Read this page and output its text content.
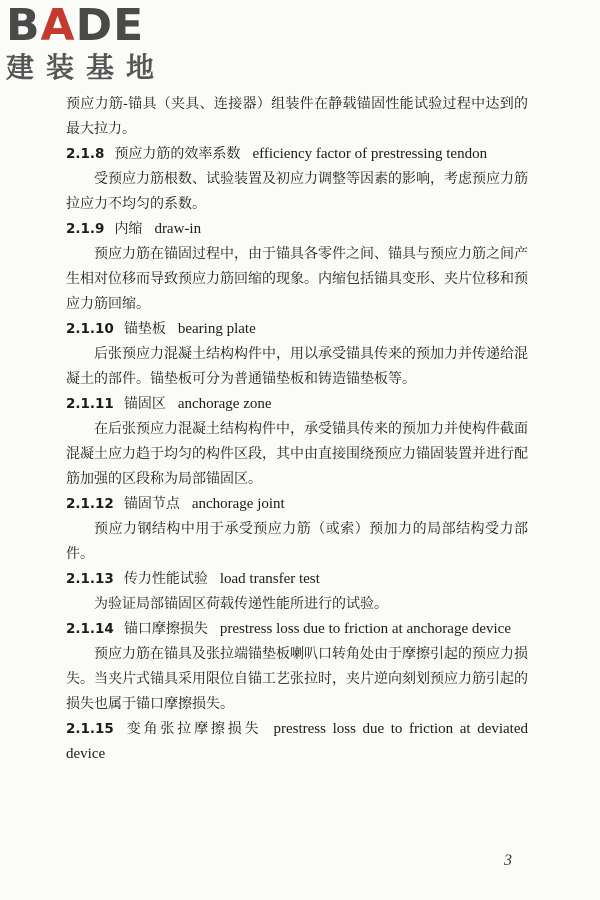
B A DE
建装基地

预应力筋-锚具（夹具、连接器）组装件在静载锚固性能试验过程中达到的最大拉力。

2.1.8 预应力筋的效率系数 efficiency factor of prestressing tendon

受预应力筋根数、试验装置及初应力调整等因素的影响，考虑预应力筋拉应力不均匀的系数。

2.1.9 内缩 draw-in

预应力筋在锚固过程中，由于锚具各零件之间、锚具与预应力筋之间产生相对位移而导致预应力筋回缩的现象。内缩包括锚具变形、夹片位移和预应力筋回缩。

2.1.10 锚垫板 bearing plate

后张预应力混凝土结构构件中，用以承受锚具传来的预加力并传递给混凝土的部件。锚垫板可分为普通锚垫板和铸造锚垫板等。

2.1.11 锚固区 anchorage zone

在后张预应力混凝土结构构件中，承受锚具传来的预加力并使构件截面混凝土应力趋于均匀的构件区段，其中由直接围绕预应力锚固装置并进行配筋加强的区段称为局部锚固区。

2.1.12 锚固节点 anchorage joint

预应力钢结构中用于承受预应力筋（或索）预加力的局部结构受力部件。

2.1.13 传力性能试验 load transfer test

为验证局部锚固区荷载传递性能所进行的试验。

2.1.14 锚口摩擦损失 prestress loss due to friction at anchorage device

预应力筋在锚具及张拉端锚垫板喇叭口转角处由于摩擦引起的预应力损失。当夹片式锚具采用限位自锚工艺张拉时，夹片逆向刻划预应力筋引起的损失也属于锚口摩擦损失。

2.1.15 变角张拉摩擦损失 prestress loss due to friction at deviated device

3
